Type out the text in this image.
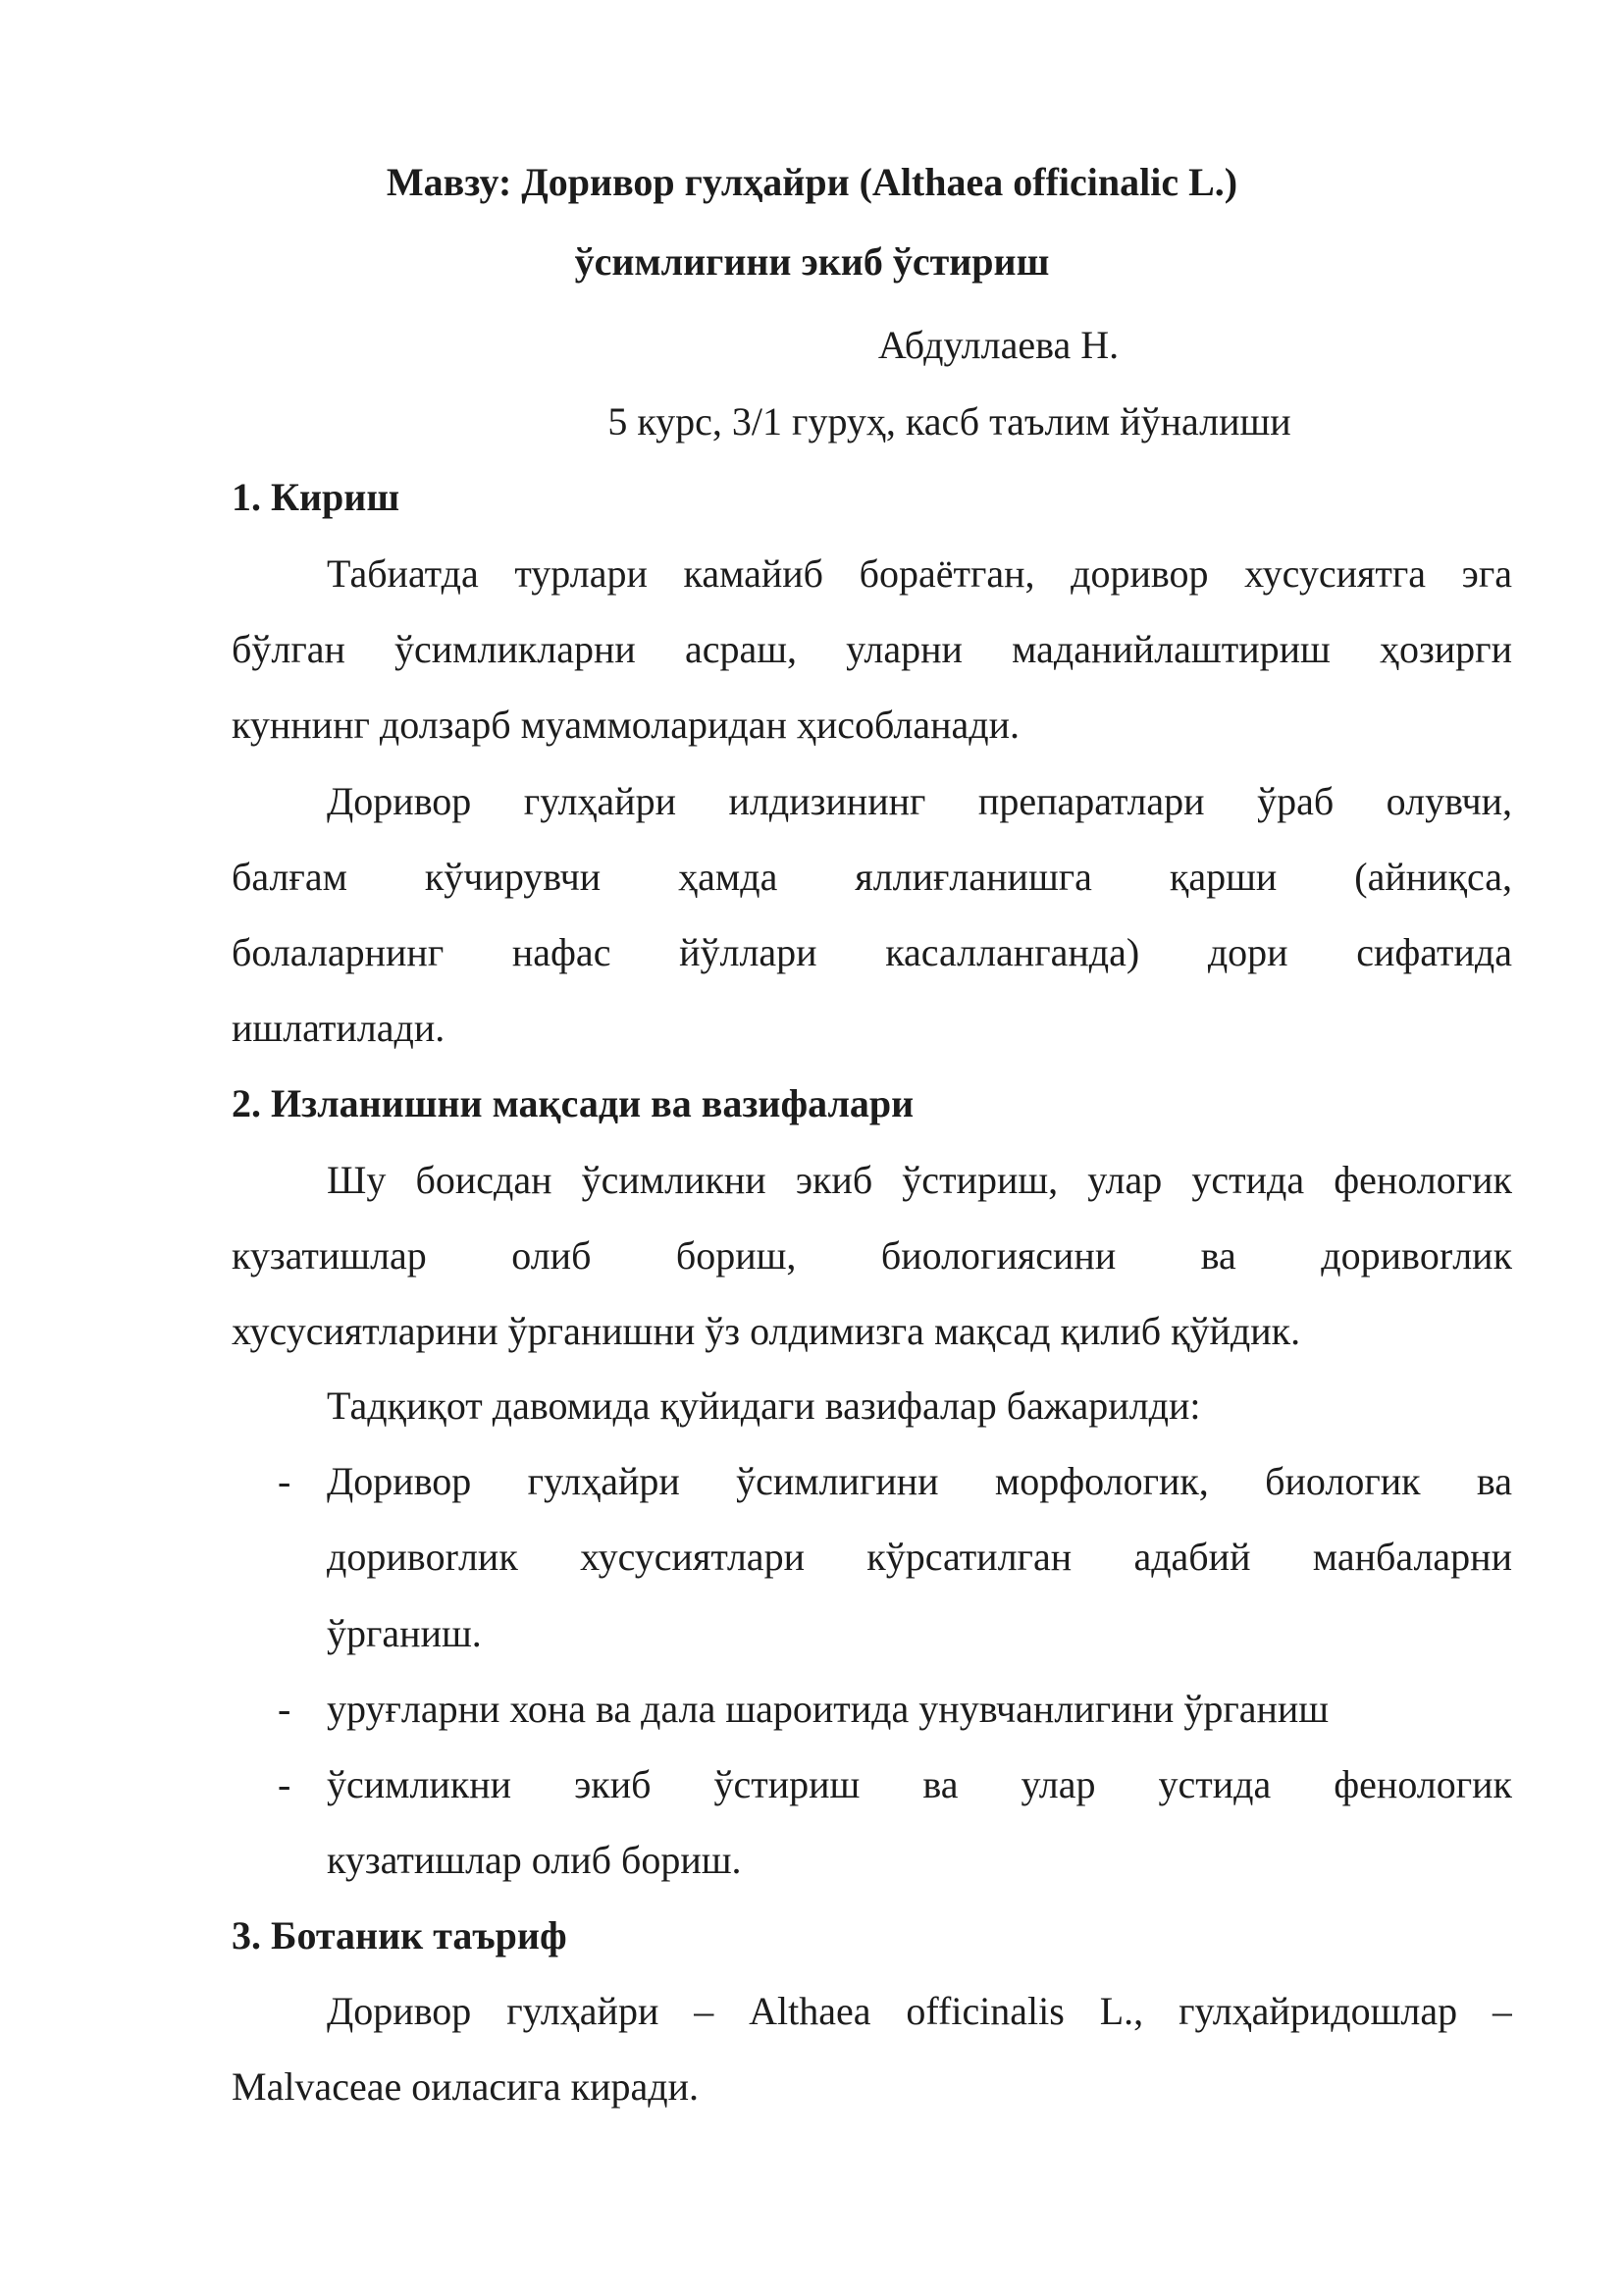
Мавзу: Доривор гулҳайри (Althaea officinalic L.)
ўсимлигини экиб ўстириш
Абдуллаева Н.
5 курс, 3/1 гуруҳ, касб таълим йўналиши
1. Кириш
Табиатда турлари камайиб бораётган, доривор хусусиятга эга
бўлган ўсимликларни асраш, уларни маданийлаштириш ҳозирги
куннинг долзарб муаммоларидан ҳисобланади.
Доривор гулҳайри илдизининг препаратлари ўраб олувчи,
балғам кўчирувчи ҳамда яллиғланишга қарши (айниқса,
болаларнинг нафас йўллари касалланганда) дори сифатида
ишлатилади.
2. Изланишни мақсади ва вазифалари
Шу боисдан ўсимликни экиб ўстириш, улар устида фенологик
кузатишлар олиб бориш, биологиясини ва доривorлик
хусусиятларини ўрганишни ўз олдимизга мақсад қилиб қўйдик.
Тадқиқот давомида қуйидаги вазифалар бажарилди:
- Доривор гулҳайри ўсимлигини морфологик, биологик ва
доривorлик хусусиятлари кўрсатилган адабий манбаларни
ўрганиш.
- уруғларни хона ва дала шароитида унувчанлигини ўрганиш
- ўсимликни экиб ўстириш ва улар устида фенологик
кузатишлар олиб бориш.
3. Ботаник таъриф
Доривор гулҳайри – Althaea officinalis L., гулҳайридошлар –
Malvaceae оиласига киради.
